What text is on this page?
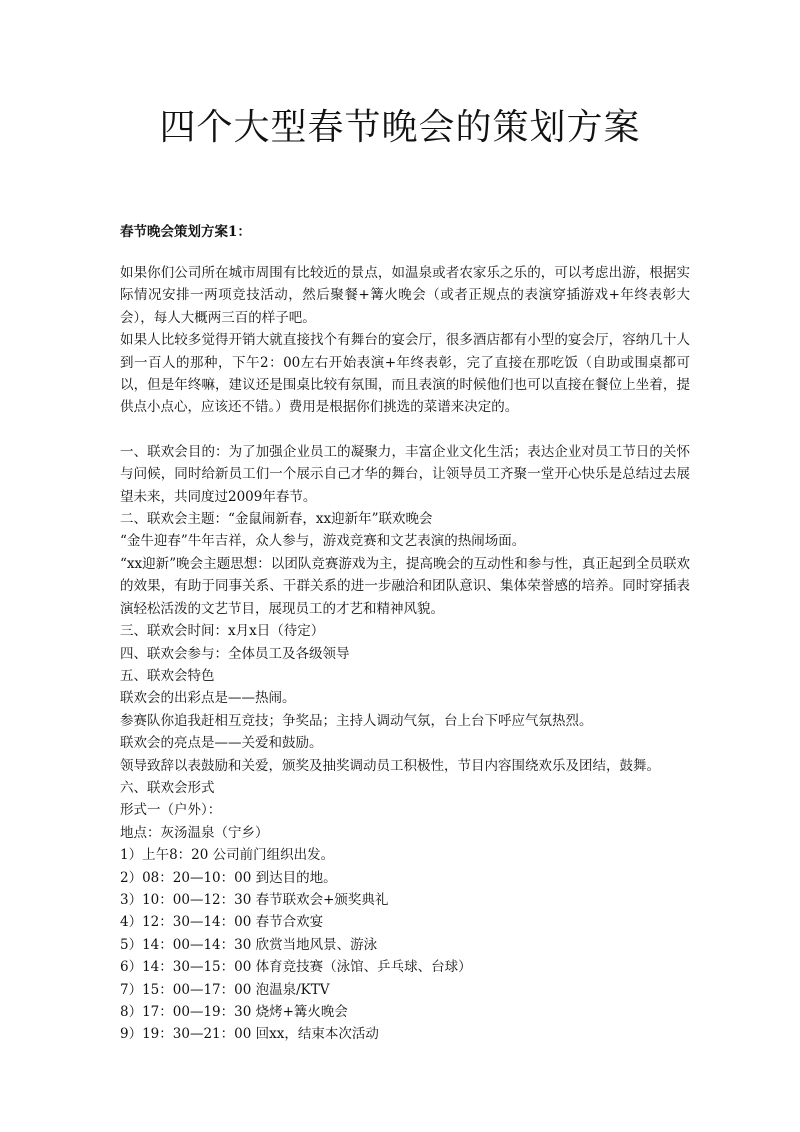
四个大型春节晚会的策划方案

春节晚会策划方案1：

如果你们公司所在城市周围有比较近的景点，如温泉或者农家乐之乐的，可以考虑出游，根据实际情况安排一两项竞技活动，然后聚餐+篝火晚会（或者正规点的表演穿插游戏+年终表彰大会），每人大概两三百的样子吧。

如果人比较多觉得开销大就直接找个有舞台的宴会厅，很多酒店都有小型的宴会厅，容纳几十人到一百人的那种，下午2：00左右开始表演+年终表彰，完了直接在那吃饭（自助或围桌都可以，但是年终嘛，建议还是围桌比较有氛围，而且表演的时候他们也可以直接在餐位上坐着，提供点小点心，应该还不错。）费用是根据你们挑选的菜谱来决定的。

一、联欢会目的：为了加强企业员工的凝聚力，丰富企业文化生活；表达企业对员工节日的关怀与问候，同时给新员工们一个展示自己才华的舞台，让领导员工齐聚一堂开心快乐是总结过去展望未来，共同度过2009年春节。

二、联欢会主题：“金鼠闹新春，xx迎新年”联欢晚会

“金牛迎春”牛年吉祥，众人参与，游戏竞赛和文艺表演的热闹场面。

“xx迎新”晚会主题思想：以团队竞赛游戏为主，提高晚会的互动性和参与性，真正起到全员联欢的效果，有助于同事关系、干群关系的进一步融洽和团队意识、集体荣誉感的培养。同时穿插表演轻松活泼的文艺节目，展现员工的才艺和精神风貌。

三、联欢会时间：x月x日（待定）

四、联欢会参与：全体员工及各级领导

五、联欢会特色

联欢会的出彩点是——热闹。

参赛队你追我赶相互竞技；争奖品；主持人调动气氛，台上台下呼应气氛热烈。

联欢会的亮点是——关爱和鼓励。

领导致辞以表鼓励和关爱，颁奖及抽奖调动员工积极性，节目内容围绕欢乐及团结，鼓舞。

六、联欢会形式

形式一（户外）：

地点：灰汤温泉（宁乡）

1）上午8：20 公司前门组织出发。

2）08：20—10：00 到达目的地。

3）10：00—12：30 春节联欢会+颁奖典礼

4）12：30—14：00 春节合欢宴

5）14：00—14：30 欣赏当地风景、游泳

6）14：30—15：00 体育竞技赛（泳馆、乒乓球、台球）

7）15：00—17：00 泡温泉/KTV

8）17：00—19：30 烧烤+篝火晚会

9）19：30—21：00 回xx，结束本次活动
